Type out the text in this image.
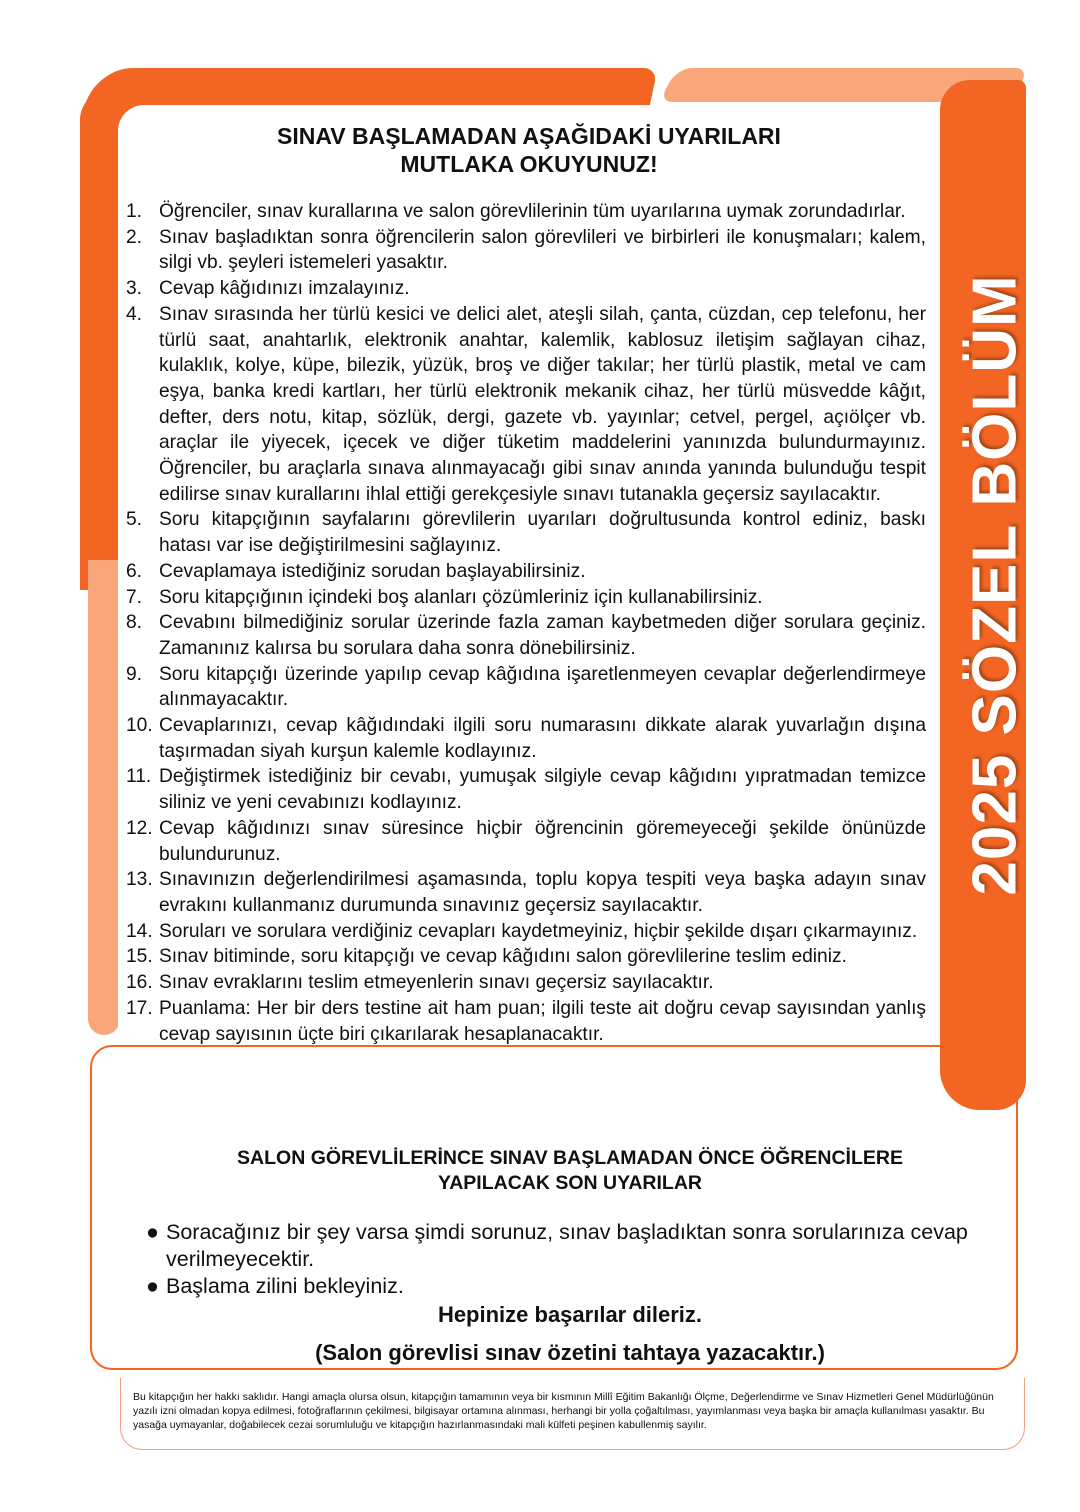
2025 SÖZEL BÖLÜM
SINAV BAŞLAMADAN AŞAĞIDAKİ UYARILARI
MUTLAKA OKUYUNUZ!
1. Öğrenciler, sınav kurallarına ve salon görevlilerinin tüm uyarılarına uymak zorundadırlar.
2. Sınav başladıktan sonra öğrencilerin salon görevlileri ve birbirleri ile konuşmaları; kalem, silgi vb. şeyleri istemeleri yasaktır.
3. Cevap kâğıdınızı imzalayınız.
4. Sınav sırasında her türlü kesici ve delici alet, ateşli silah, çanta, cüzdan, cep telefonu, her türlü saat, anahtarlık, elektronik anahtar, kalemlik, kablosuz iletişim sağlayan cihaz, kulaklık, kolye, küpe, bilezik, yüzük, broş ve diğer takılar; her türlü plastik, metal ve cam eşya, banka kredi kartları, her türlü elektronik mekanik cihaz, her türlü müsvedde kâğıt, defter, ders notu, kitap, sözlük, dergi, gazete vb. yayınlar; cetvel, pergel, açıölçer vb. araçlar ile yiyecek, içecek ve diğer tüketim maddelerini yanınızda bulundurmayınız. Öğrenciler, bu araçlarla sınava alınmayacağı gibi sınav anında yanında bulunduğu tespit edilirse sınav kurallarını ihlal ettiği gerekçesiyle sınavı tutanakla geçersiz sayılacaktır.
5. Soru kitapçığının sayfalarını görevlilerin uyarıları doğrultusunda kontrol ediniz, baskı hatası var ise değiştirilmesini sağlayınız.
6. Cevaplamaya istediğiniz sorudan başlayabilirsiniz.
7. Soru kitapçığının içindeki boş alanları çözümleriniz için kullanabilirsiniz.
8. Cevabını bilmediğiniz sorular üzerinde fazla zaman kaybetmeden diğer sorulara geçiniz. Zamanınız kalırsa bu sorulara daha sonra dönebilirsiniz.
9. Soru kitapçığı üzerinde yapılıp cevap kâğıdına işaretlenmeyen cevaplar değerlendirmeye alınmayacaktır.
10. Cevaplarınızı, cevap kâğıdındaki ilgili soru numarasını dikkate alarak yuvarlağın dışına taşırmadan siyah kurşun kalemle kodlayınız.
11. Değiştirmek istediğiniz bir cevabı, yumuşak silgiyle cevap kâğıdını yıpratmadan temizce siliniz ve yeni cevabınızı kodlayınız.
12. Cevap kâğıdınızı sınav süresince hiçbir öğrencinin göremeyeceği şekilde önünüzde bulundurunuz.
13. Sınavınızın değerlendirilmesi aşamasında, toplu kopya tespiti veya başka adayın sınav evrakını kullanmanız durumunda sınavınız geçersiz sayılacaktır.
14. Soruları ve sorulara verdiğiniz cevapları kaydetmeyiniz, hiçbir şekilde dışarı çıkarmayınız.
15. Sınav bitiminde, soru kitapçığı ve cevap kâğıdını salon görevlilerine teslim ediniz.
16. Sınav evraklarını teslim etmeyenlerin sınavı geçersiz sayılacaktır.
17. Puanlama: Her bir ders testine ait ham puan; ilgili teste ait doğru cevap sayısından yanlış cevap sayısının üçte biri çıkarılarak hesaplanacaktır.
SALON GÖREVLİLERİNCE SINAV BAŞLAMADAN ÖNCE ÖĞRENCİLERE
YAPILACAK SON UYARILAR
● Soracağınız bir şey varsa şimdi sorunuz, sınav başladıktan sonra sorularınıza cevap verilmeyecektir.
● Başlama zilini bekleyiniz.
Hepinize başarılar dileriz.
(Salon görevlisi sınav özetini tahtaya yazacaktır.)
Bu kitapçığın her hakkı saklıdır. Hangi amaçla olursa olsun, kitapçığın tamamının veya bir kısmının Millî Eğitim Bakanlığı Ölçme, Değerlendirme ve Sınav Hizmetleri Genel Müdürlüğünün yazılı izni olmadan kopya edilmesi, fotoğraflarının çekilmesi, bilgisayar ortamına alınması, herhangi bir yolla çoğaltılması, yayımlanması veya başka bir amaçla kullanılması yasaktır. Bu yasağa uymayanlar, doğabilecek cezai sorumluluğu ve kitapçığın hazırlanmasındaki mali külfeti peşinen kabullenmiş sayılır.
